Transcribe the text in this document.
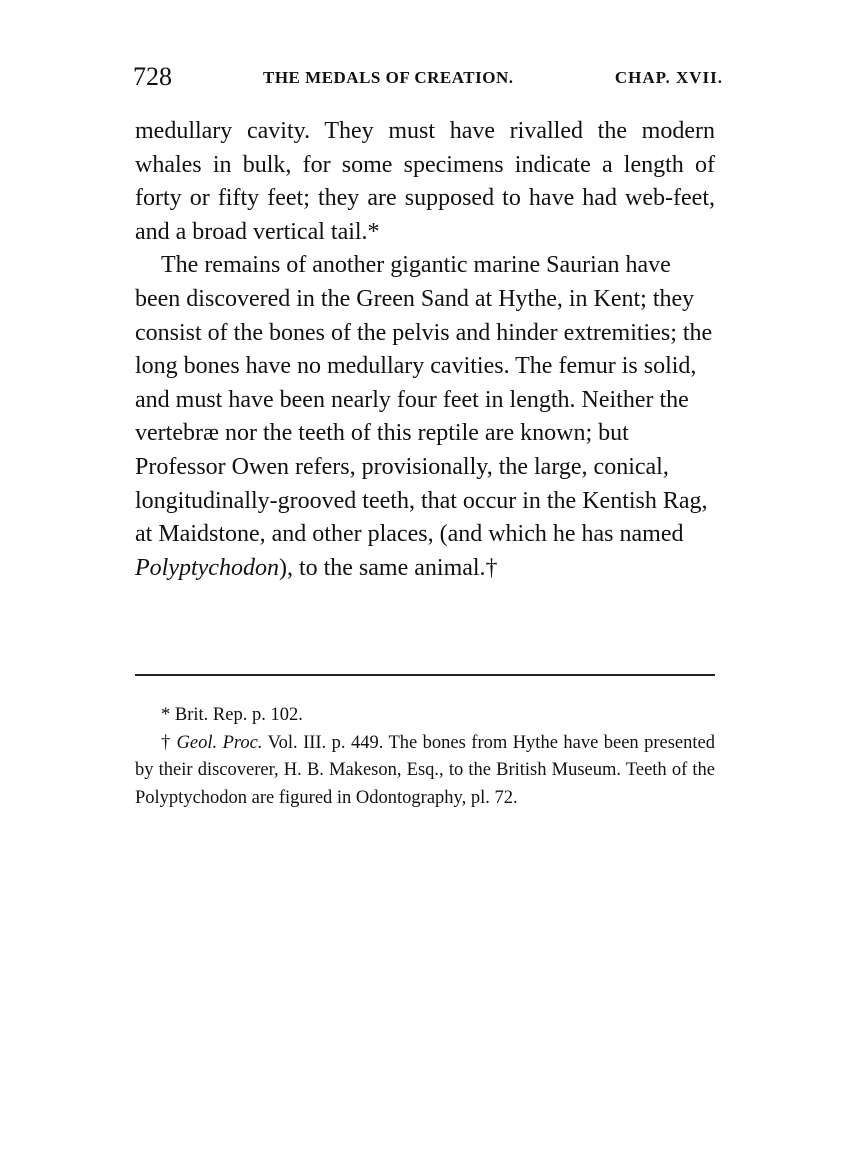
728	THE MEDALS OF CREATION.	CHAP. XVII.

medullary cavity. They must have rivalled the modern whales in bulk, for some specimens indicate a length of forty or fifty feet; they are supposed to have had web-feet, and a broad vertical tail.*

The remains of another gigantic marine Saurian have been discovered in the Green Sand at Hythe, in Kent; they consist of the bones of the pelvis and hinder extremities; the long bones have no medullary cavities. The femur is solid, and must have been nearly four feet in length. Neither the vertebræ nor the teeth of this reptile are known; but Professor Owen refers, provisionally, the large, conical, longitudinally-grooved teeth, that occur in the Kentish Rag, at Maidstone, and other places, (and which he has named Polyptychodon), to the same animal.†

* Brit. Rep. p. 102.

† Geol. Proc. Vol. III. p. 449. The bones from Hythe have been presented by their discoverer, H. B. Makeson, Esq., to the British Museum. Teeth of the Polyptychodon are figured in Odontography, pl. 72.
